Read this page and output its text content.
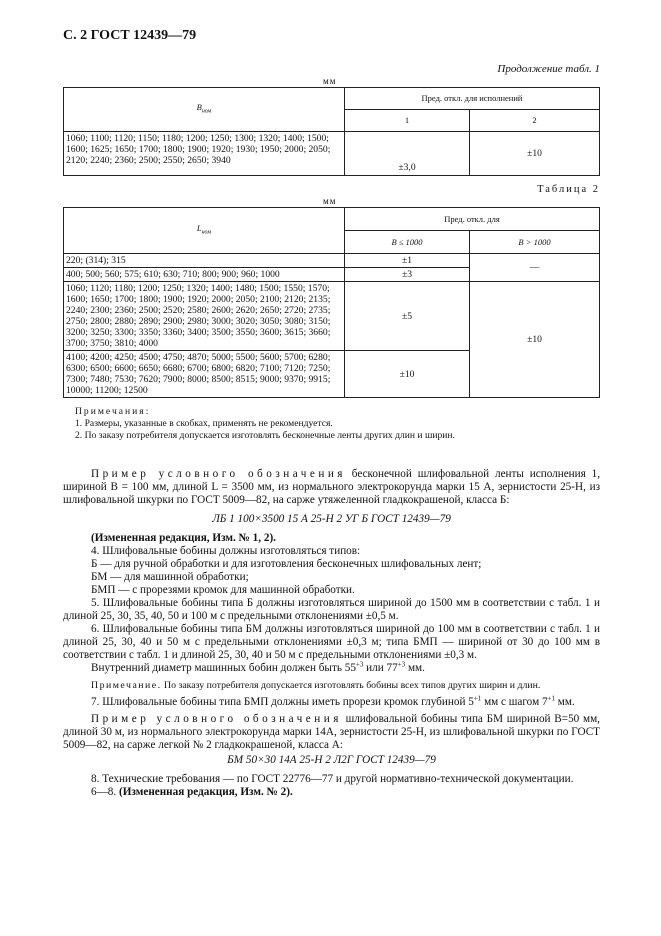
С. 2 ГОСТ 12439—79
Продолжение табл. 1
мм
$B_{ном}$	Пред. откл. для исполнений	
	1	2
1060; 1100; 1120; 1150; 1180; 1200; 1250; 1300; 1320; 1400; 1500; 1600; 1625; 1650; 1700; 1800; 1900; 1920; 1930; 1950; 2000; 2050; 2120; 2240; 2360; 2500; 2550; 2650; 3940	±3,0	±10
Таблица 2
мм
$L_{ном}$	Пред. откл. для	
	B ≤ 1000	B > 1000
220; (314); 315	±1	—
400; 500; 560; 575; 610; 630; 710; 800; 900; 960; 1000	±3	
1060; 1120; 1180; 1200; 1250; 1320; 1400; 1480; 1500; 1550; 1570; 1600; 1650; 1700; 1800; 1900; 1920; 2000; 2050; 2100; 2120; 2135; 2240; 2300; 2360; 2500; 2520; 2580; 2600; 2620; 2650; 2720; 2735; 2750; 2800; 2880; 2890; 2900; 2980; 3000; 3020; 3050; 3080; 3150; 3200; 3250; 3300; 3350; 3360; 3400; 3500; 3550; 3600; 3615; 3660; 3700; 3750; 3810; 4000	±5	±10
4100; 4200; 4250; 4500; 4750; 4870; 5000; 5500; 5600; 5700; 6280; 6300; 6500; 6600; 6650; 6680; 6700; 6800; 6820; 7100; 7120; 7250; 7300; 7480; 7530; 7620; 7900; 8000; 8500; 8515; 9000; 9370; 9915; 10000; 11200; 12500	±10	
Примечания:
1. Размеры, указанные в скобках, применять не рекомендуется.
2. По заказу потребителя допускается изготовлять бесконечные ленты других длин и ширин.

Пример условного обозначения бесконечной шлифовальной ленты исполнения 1, шириной B = 100 мм, длиной L = 3500 мм, из нормального электрокорунда марки 15 А, зернистости 25-Н, из шлифовальной шкурки по ГОСТ 5009—82, на саржe утяжеленной гладкокрашеной, класса Б:

ЛБ 1 100×3500 15 А 25-Н 2 УГ Б ГОСТ 12439—79

(Измененная редакция, Изм. № 1, 2).

4. Шлифовальные бобины должны изготовляться типов:

Б — для ручной обработки и для изготовления бесконечных шлифовальных лент;

БМ — для машинной обработки;

БМП — с прорезями кромок для машинной обработки.

5. Шлифовальные бобины типа Б должны изготовляться шириной до 1500 мм в соответствии с табл. 1 и длиной 25, 30, 35, 40, 50 и 100 м с предельными отклонениями ±0,5 м.

6. Шлифовальные бобины типа БМ должны изготовляться шириной до 100 мм в соответствии с табл. 1 и длиной 25, 30, 40 и 50 м с предельными отклонениями ±0,3 м; типа БМП — шириной от 30 до 100 мм в соответствии с табл. 1 и длиной 25, 30, 40 и 50 м с предельными отклонениями ±0,3 м.

Внутренний диаметр машинных бобин должен быть $55^{+3}$ или $77^{+3}$ мм.

Примечание. По заказу потребителя допускается изготовлять бобины всех типов других ширин и длин.

7. Шлифовальные бобины типа БМП должны иметь прорези кромок глубиной $5^{+1}$ мм с шагом $7^{+1}$ мм.

Пример условного обозначения шлифовальной бобины типа БМ шириной B=50 мм, длиной 30 м, из нормального электрокорунда марки 14А, зернистости 25-Н, из шлифовальной шкурки по ГОСТ 5009—82, на саржe легкой № 2 гладкокрашеной, класса А:

БМ 50×30 14А 25-Н 2 Л2Г ГОСТ 12439—79

8. Технические требования — по ГОСТ 22776—77 и другой нормативно-технической документации.

6—8. (Измененная редакция, Изм. № 2).
